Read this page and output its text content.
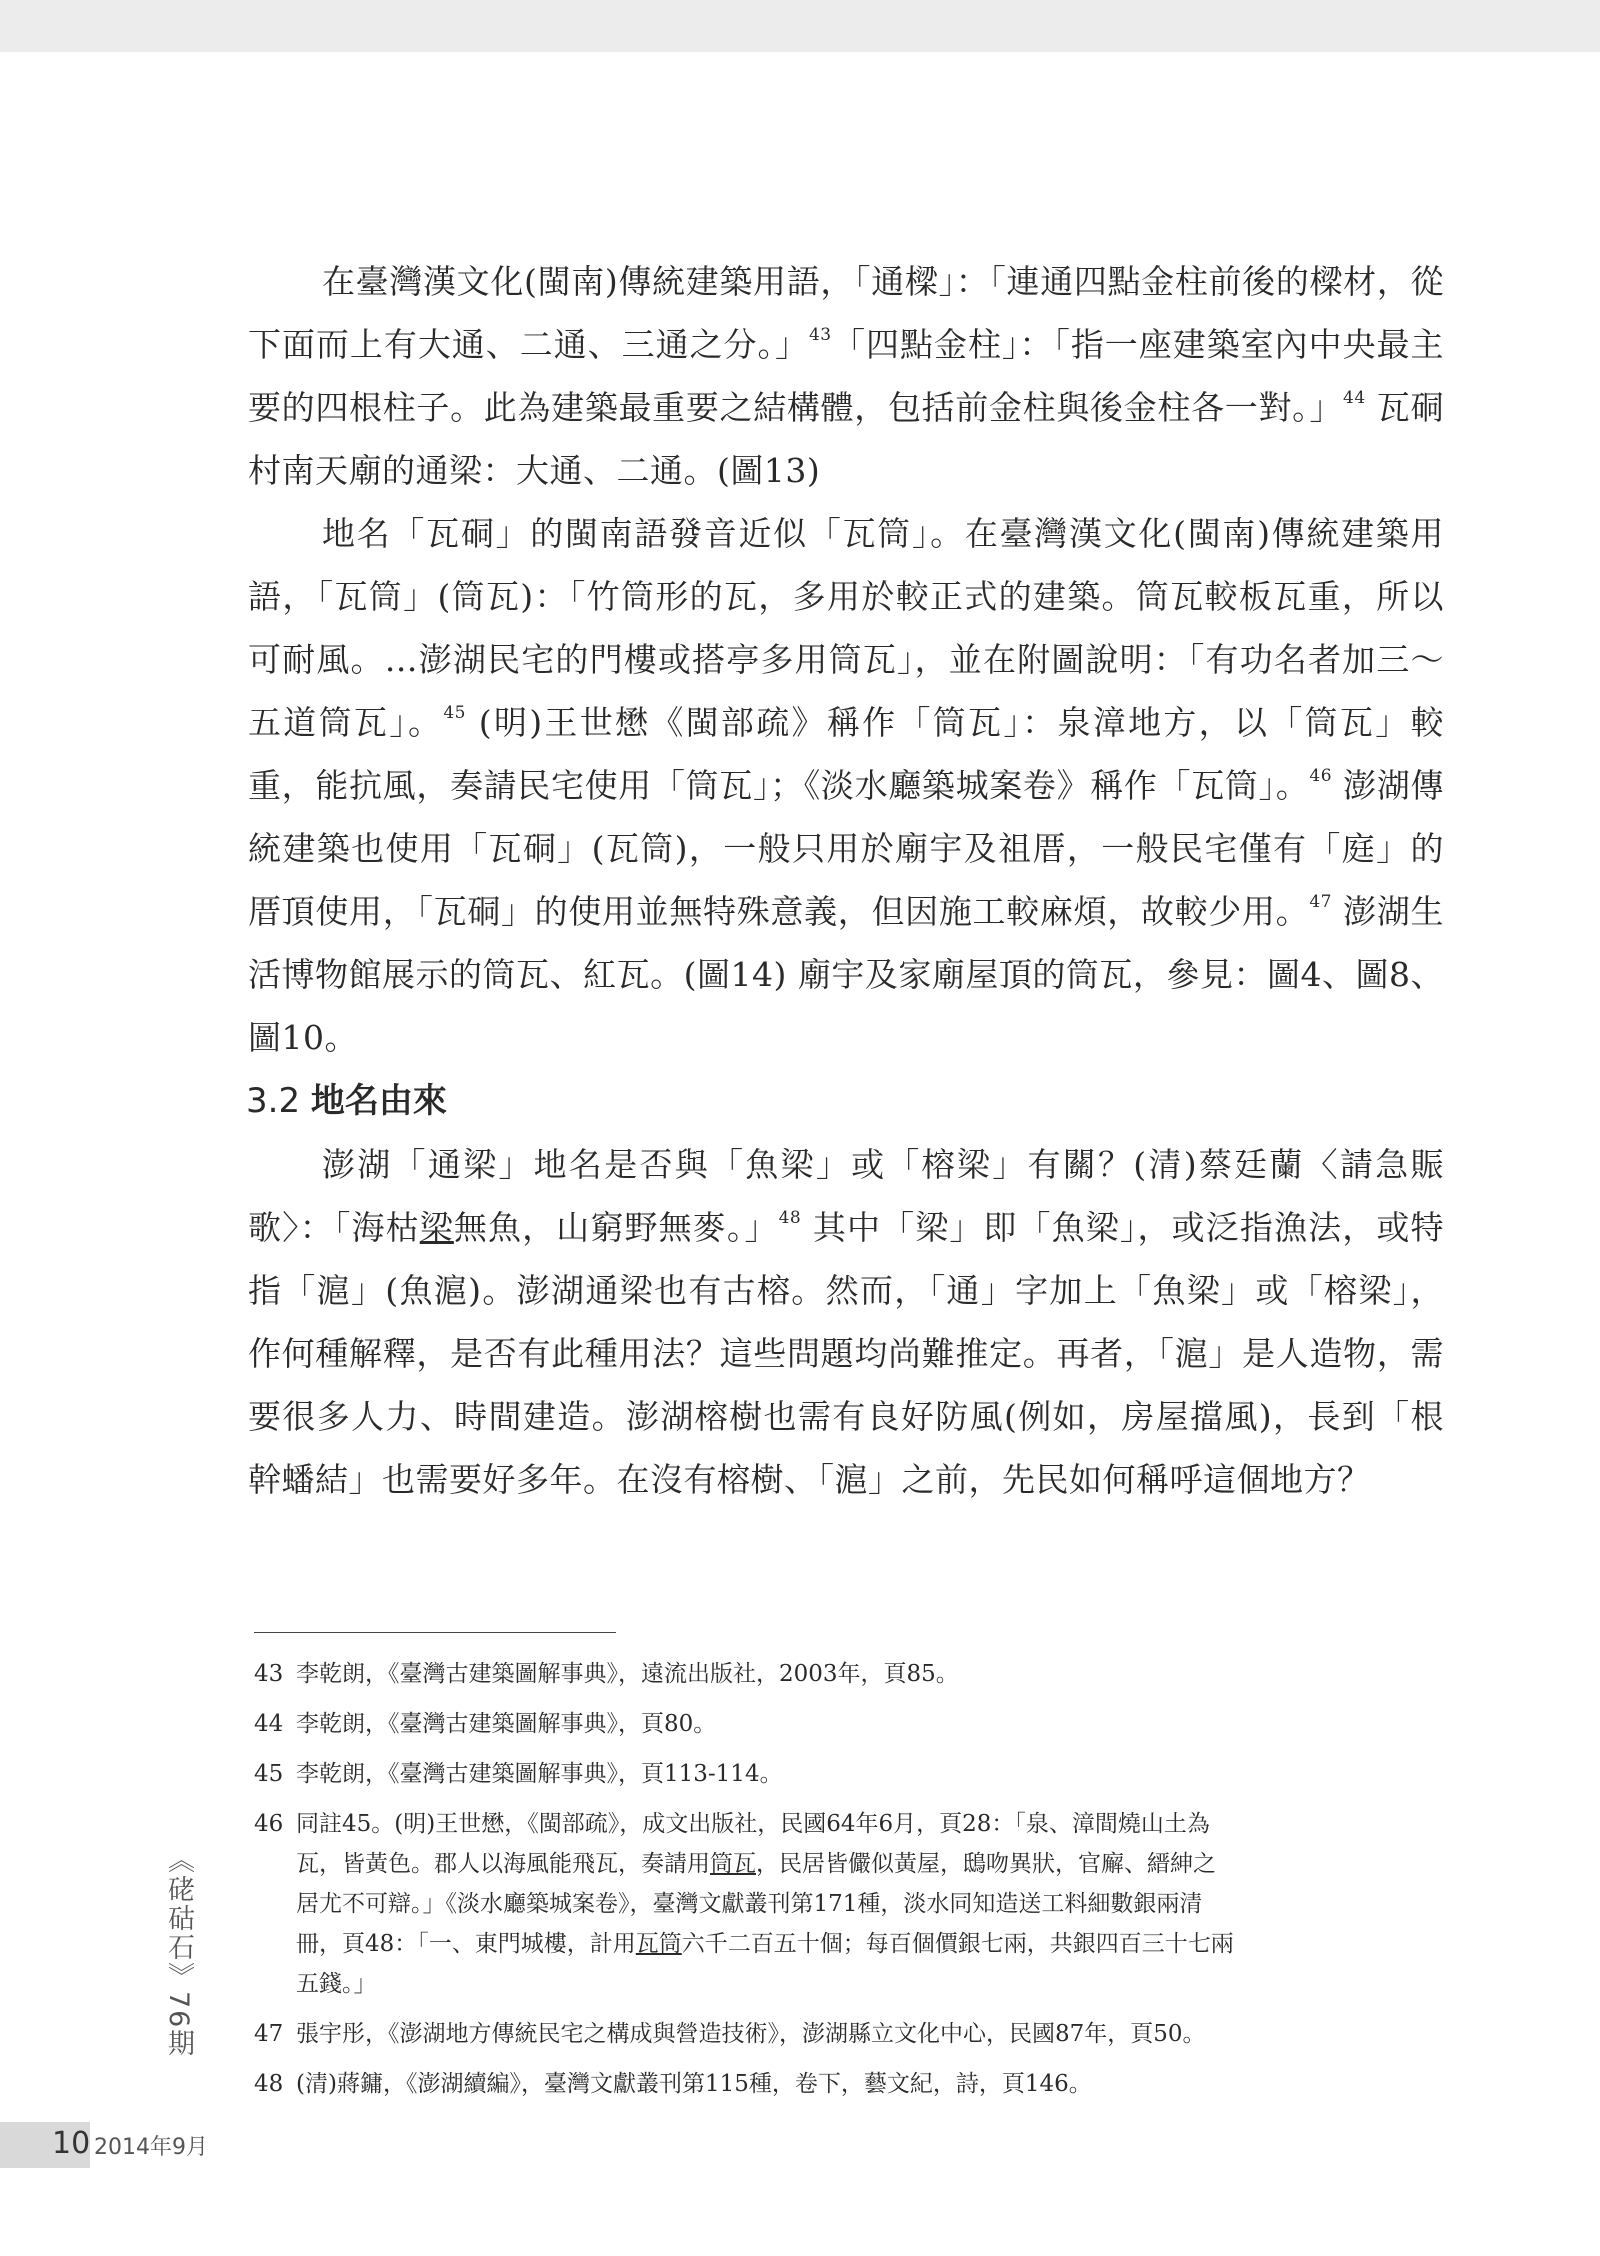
在臺灣漢文化(閩南)傳統建築用語，「通樑」：「連通四點金柱前後的樑材，從下面而上有大通、二通、三通之分。」$^{43}$「四點金柱」：「指一座建築室內中央最主要的四根柱子。此為建築最重要之結構體，包括前金柱與後金柱各一對。」$^{44}$ 瓦硐村南天廟的通梁：大通、二通。(圖13)

地名「瓦硐」的閩南語發音近似「瓦筒」。在臺灣漢文化(閩南)傳統建築用語，「瓦筒」(筒瓦)：「竹筒形的瓦，多用於較正式的建築。筒瓦較板瓦重，所以可耐風。…澎湖民宅的門樓或搭亭多用筒瓦」，並在附圖說明：「有功名者加三～五道筒瓦」。$^{45}$ (明)王世懋《閩部疏》稱作「筒瓦」：泉漳地方，以「筒瓦」較重，能抗風，奏請民宅使用「筒瓦」；《淡水廳築城案卷》稱作「瓦筒」。$^{46}$ 澎湖傳統建築也使用「瓦硐」(瓦筒)，一般只用於廟宇及祖厝，一般民宅僅有「庭」的厝頂使用，「瓦硐」的使用並無特殊意義，但因施工較麻煩，故較少用。$^{47}$ 澎湖生活博物館展示的筒瓦、紅瓦。(圖14) 廟宇及家廟屋頂的筒瓦，參見：圖4、圖8、圖10。

3.2 地名由來

澎湖「通梁」地名是否與「魚梁」或「榕梁」有關？(清)蔡廷蘭〈請急賑歌〉：「海枯梁無魚，山窮野無麥。」$^{48}$ 其中「梁」即「魚梁」，或泛指漁法，或特指「滬」(魚滬)。澎湖通梁也有古榕。然而，「通」字加上「魚梁」或「榕梁」，作何種解釋，是否有此種用法？這些問題均尚難推定。再者，「滬」是人造物，需要很多人力、時間建造。澎湖榕樹也需有良好防風(例如，房屋擋風)，長到「根幹蟠結」也需要好多年。在沒有榕樹、「滬」之前，先民如何稱呼這個地方？

43 李乾朗，《臺灣古建築圖解事典》，遠流出版社，2003年，頁85。
44 李乾朗，《臺灣古建築圖解事典》，頁80。
45 李乾朗，《臺灣古建築圖解事典》，頁113-114。
46 同註45。(明)王世懋，《閩部疏》，成文出版社，民國64年6月，頁28：「泉、漳間燒山土為
瓦，皆黃色。郡人以海風能飛瓦，奏請用筒瓦，民居皆儼似黃屋，鴟吻異狀，官廨、縉紳之
居尤不可辯。」《淡水廳築城案卷》，臺灣文獻叢刊第171種，淡水同知造送工料細數銀兩清
冊，頁48：「一、東門城樓，計用瓦筒六千二百五十個；每百個價銀七兩，共銀四百三十七兩
五錢。」
47 張宇彤，《澎湖地方傳統民宅之構成與營造技術》，澎湖縣立文化中心，民國87年，頁50。
48 (清)蔣鏞，《澎湖續編》，臺灣文獻叢刊第115種，卷下，藝文紀，詩，頁146。
《硓𥑮石》76期
10 2014年9月
